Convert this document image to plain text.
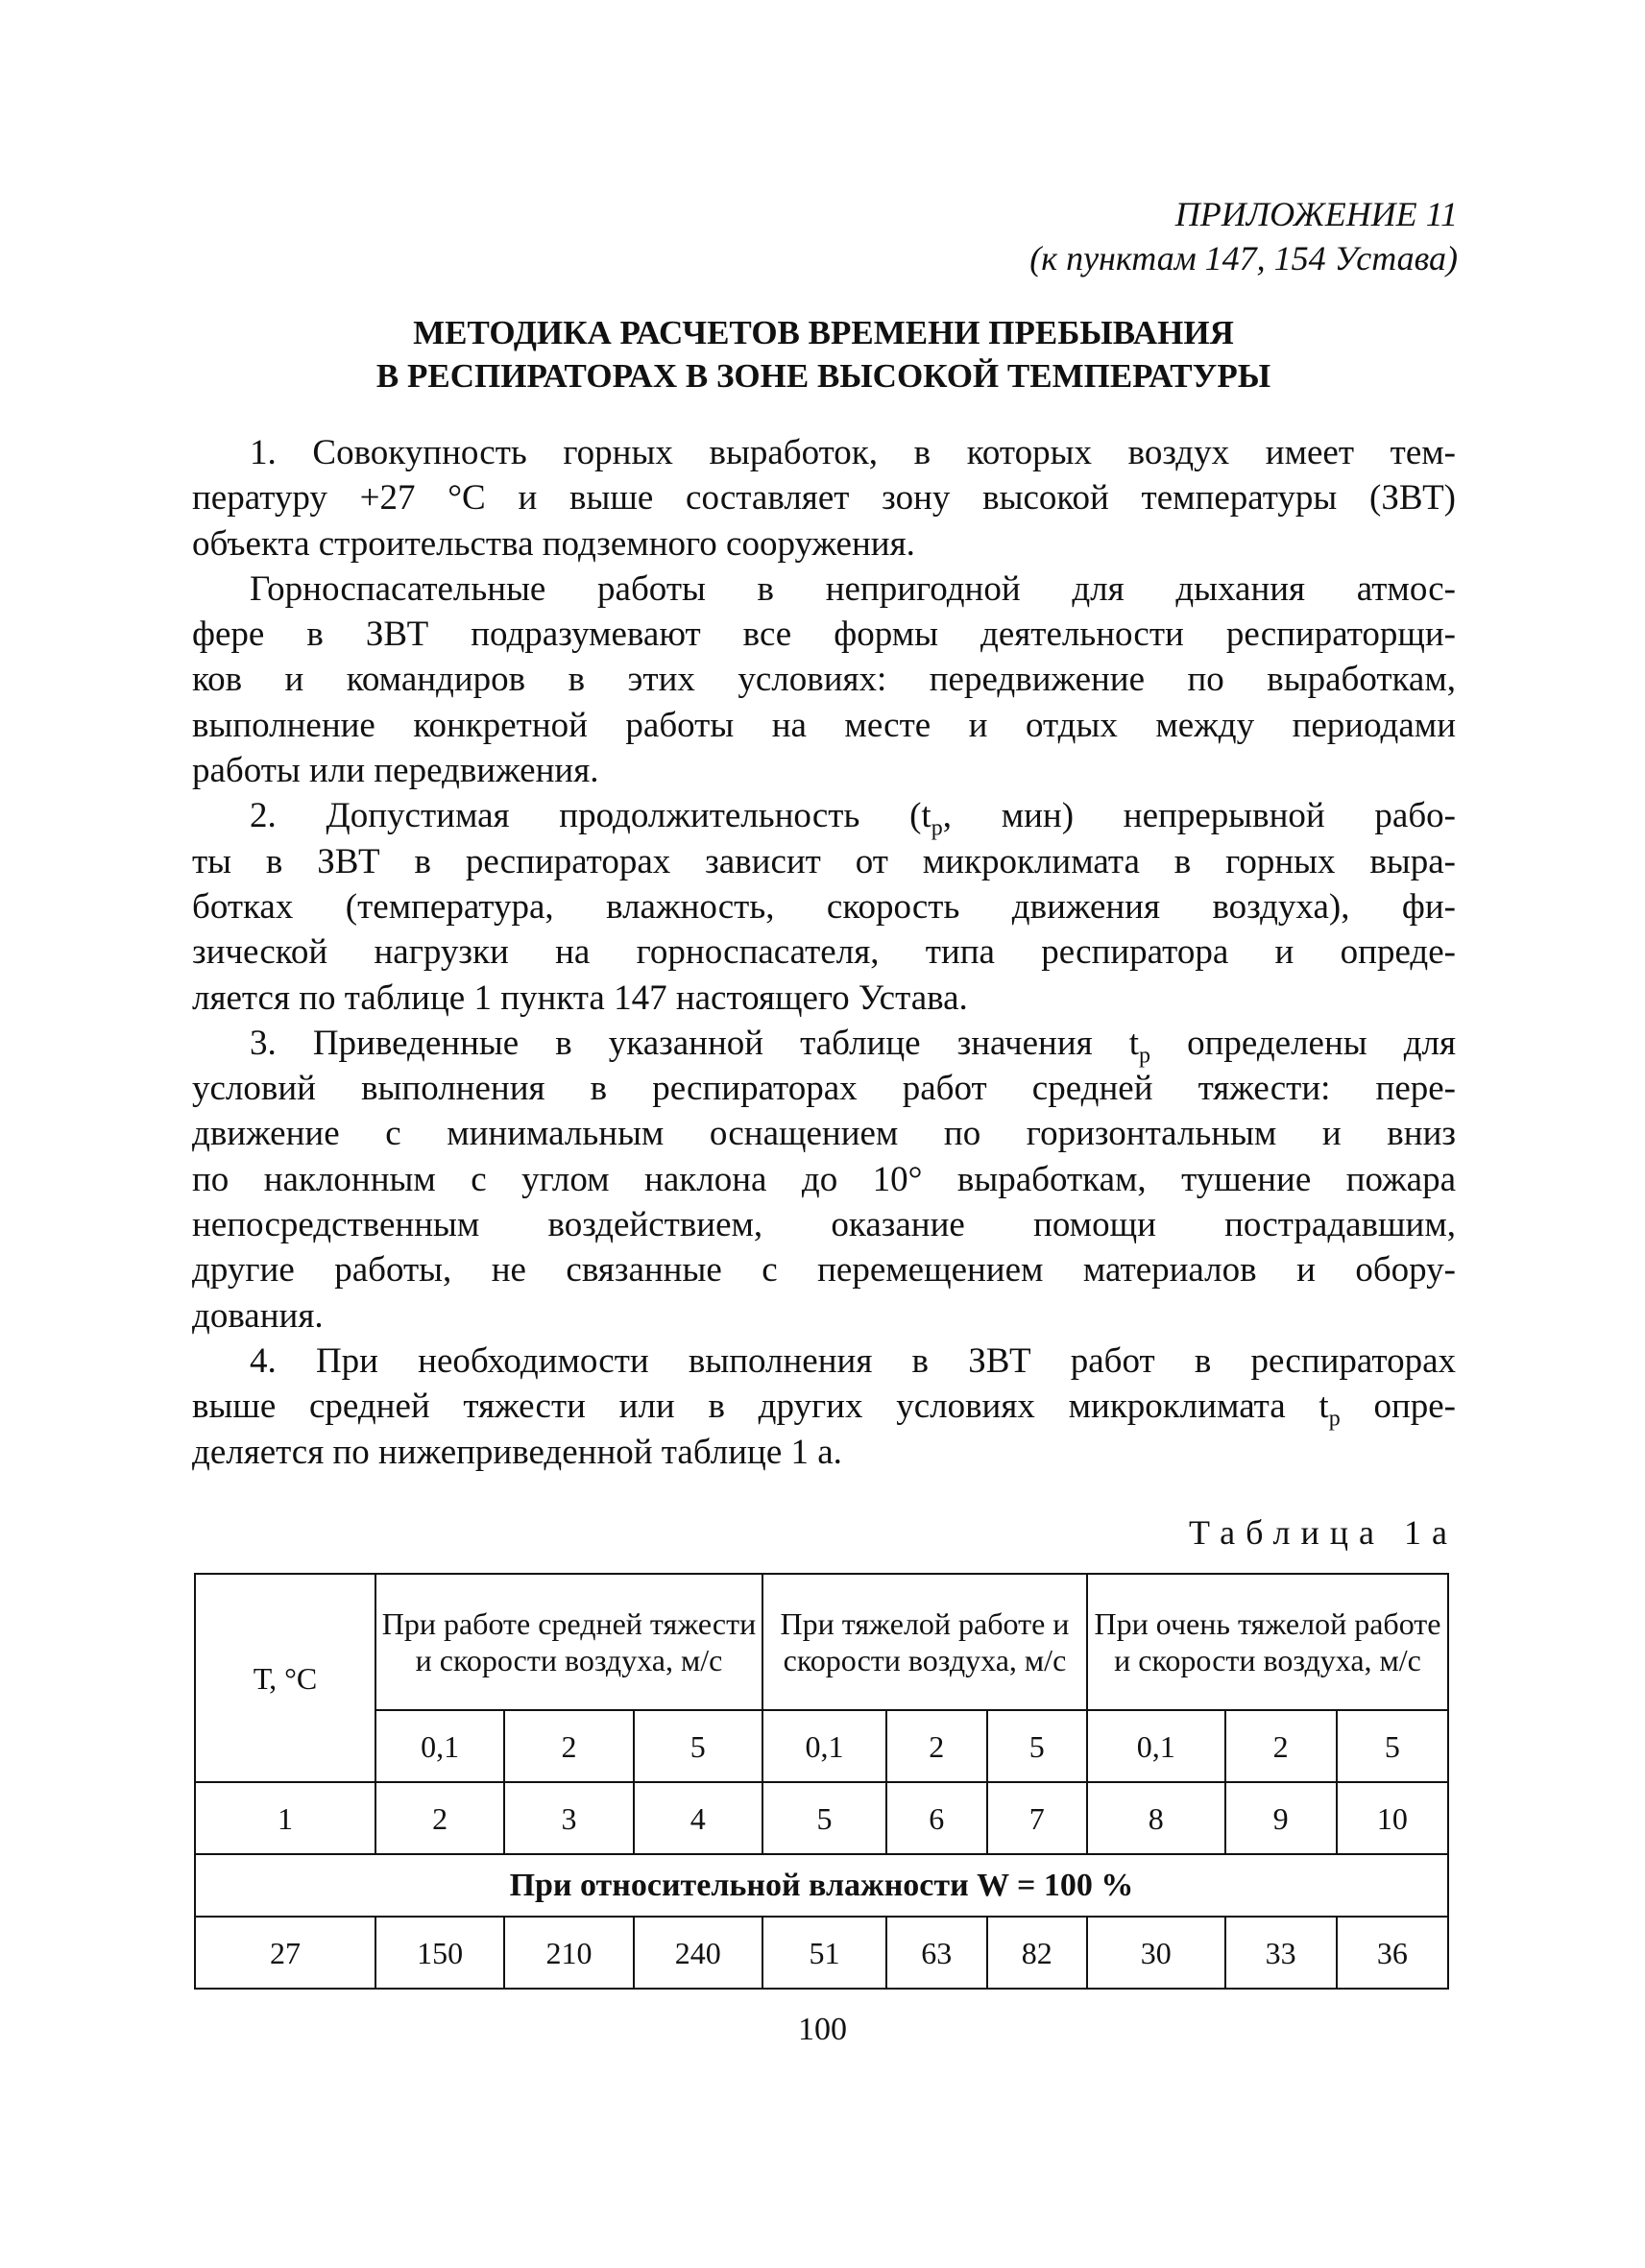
ПРИЛОЖЕНИЕ 11
(к пунктам 147, 154 Устава)
МЕТОДИКА РАСЧЕТОВ ВРЕМЕНИ ПРЕБЫВАНИЯ
В РЕСПИРАТОРАХ В ЗОНЕ ВЫСОКОЙ ТЕМПЕРАТУРЫ
1. Совокупность горных выработок, в которых воздух имеет тем-
пературу +27 °С и выше составляет зону высокой температуры (ЗВТ)
объекта строительства подземного сооружения.
Горноспасательные работы в непригодной для дыхания атмос-
фере в ЗВТ подразумевают все формы деятельности респираторщи-
ков и командиров в этих условиях: передвижение по выработкам,
выполнение конкретной работы на месте и отдых между периодами
работы или передвижения.
2. Допустимая продолжительность ($t_р$, мин) непрерывной рабо-
ты в ЗВТ в респираторах зависит от микроклимата в горных выра-
ботках (температура, влажность, скорость движения воздуха), фи-
зической нагрузки на горноспасателя, типа респиратора и опреде-
ляется по таблице 1 пункта 147 настоящего Устава.
3. Приведенные в указанной таблице значения $t_р$ определены для
условий выполнения в респираторах работ средней тяжести: пере-
движение с минимальным оснащением по горизонтальным и вниз
по наклонным с углом наклона до 10° выработкам, тушение пожара
непосредственным воздействием, оказание помощи пострадавшим,
другие работы, не связанные с перемещением материалов и обору-
дования.
4. При необходимости выполнения в ЗВТ работ в респираторах
выше средней тяжести или в других условиях микроклимата $t_р$ опре-
деляется по нижеприведенной таблице 1 а.
Таблица 1а
Т, °С	При работе средней тяжести и скорости воздуха, м/с			При тяжелой работе и скорости воздуха, м/с			При очень тяжелой работе и скорости воздуха, м/с		
	0,1	2	5	0,1	2	5	0,1	2	5
1	2	3	4	5	6	7	8	9	10
При относительной влажности W = 100 %									
27	150	210	240	51	63	82	30	33	36
100
